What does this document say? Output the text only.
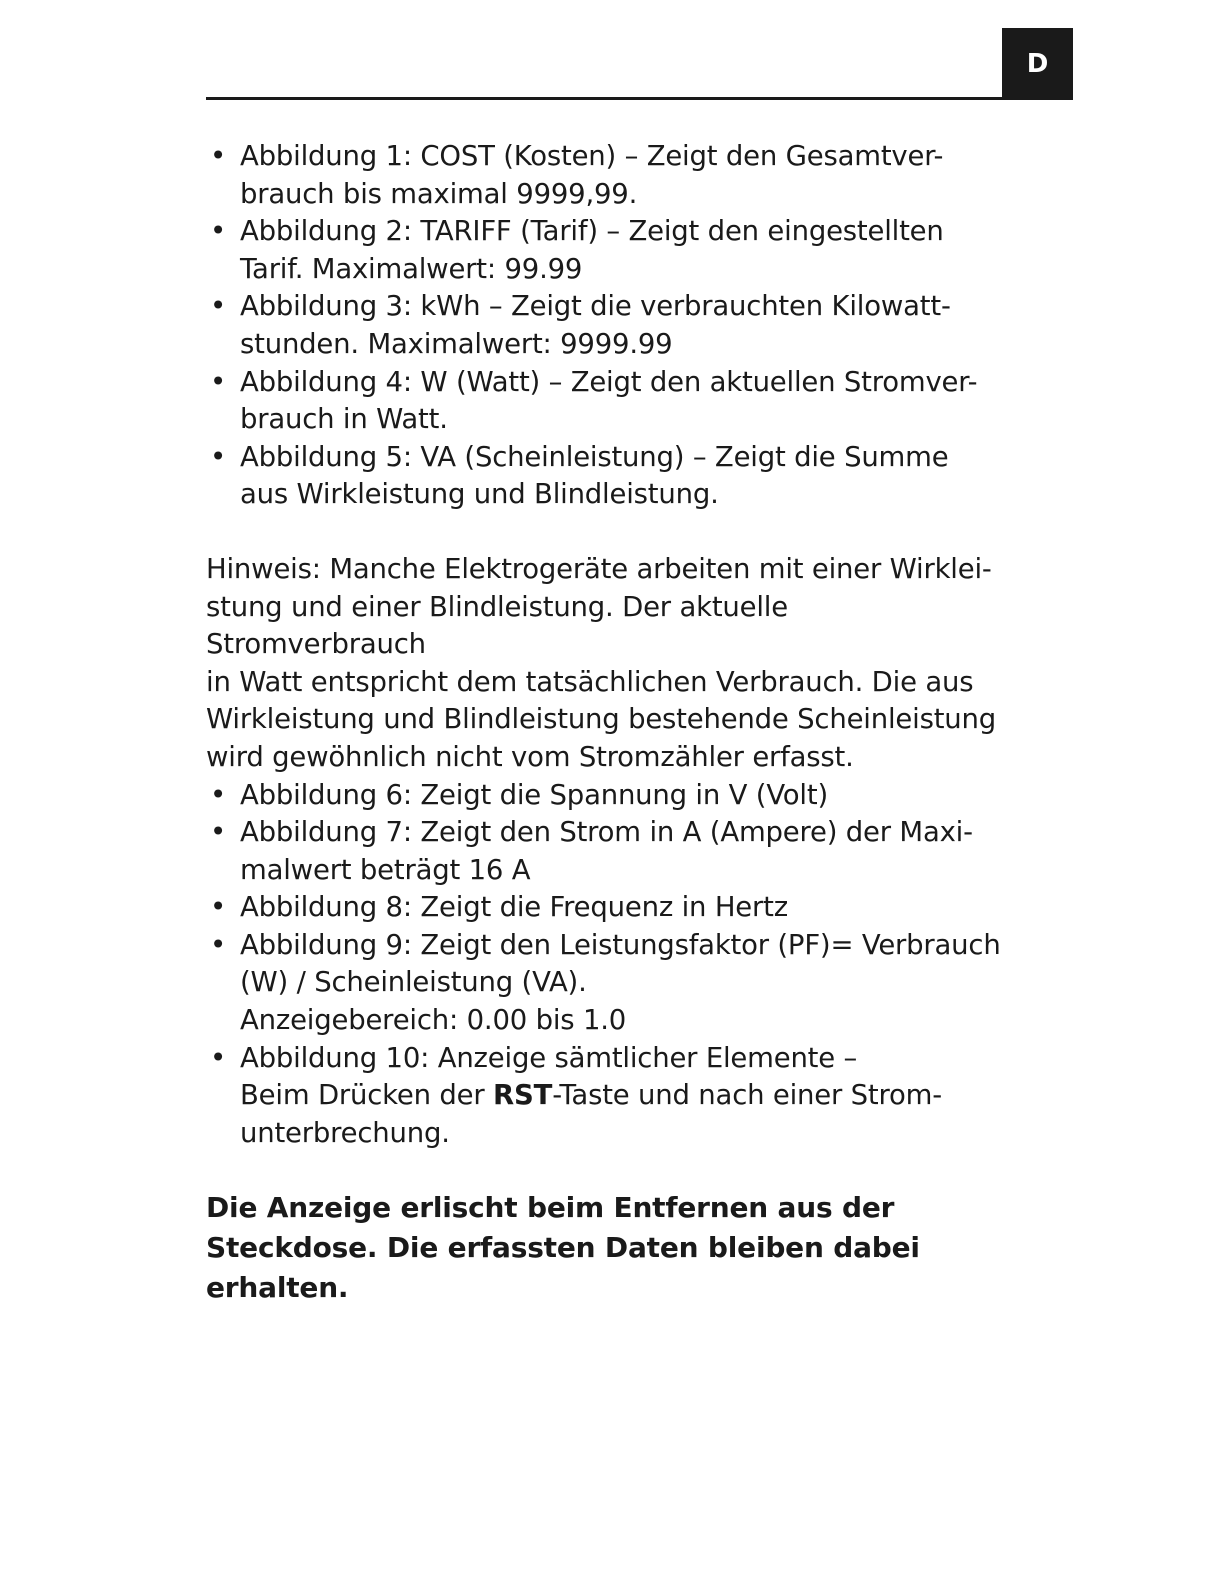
D
• Abbildung 1: COST (Kosten) – Zeigt den Gesamtver-
brauch bis maximal 9999,99.
• Abbildung 2: TARIFF (Tarif) – Zeigt den eingestellten
Tarif. Maximalwert: 99.99
• Abbildung 3: kWh – Zeigt die verbrauchten Kilowatt-
stunden. Maximalwert: 9999.99
• Abbildung 4: W (Watt) – Zeigt den aktuellen Stromver-
brauch in Watt.
• Abbildung 5: VA (Scheinleistung) – Zeigt die Summe
aus Wirkleistung und Blindleistung.

Hinweis: Manche Elektrogeräte arbeiten mit einer Wirklei-
stung und einer Blindleistung. Der aktuelle Stromverbrauch
in Watt entspricht dem tatsächlichen Verbrauch. Die aus
Wirkleistung und Blindleistung bestehende Scheinleistung
wird gewöhnlich nicht vom Stromzähler erfasst.

• Abbildung 6: Zeigt die Spannung in V (Volt)
• Abbildung 7: Zeigt den Strom in A (Ampere) der Maxi-
malwert beträgt 16 A
• Abbildung 8: Zeigt die Frequenz in Hertz
• Abbildung 9: Zeigt den Leistungsfaktor (PF)= Verbrauch
(W) / Scheinleistung (VA).
Anzeigebereich: 0.00 bis 1.0
• Abbildung 10: Anzeige sämtlicher Elemente –
Beim Drücken der RST-Taste und nach einer Strom-
unterbrechung.

Die Anzeige erlischt beim Entfernen aus der
Steckdose. Die erfassten Daten bleiben dabei
erhalten.
